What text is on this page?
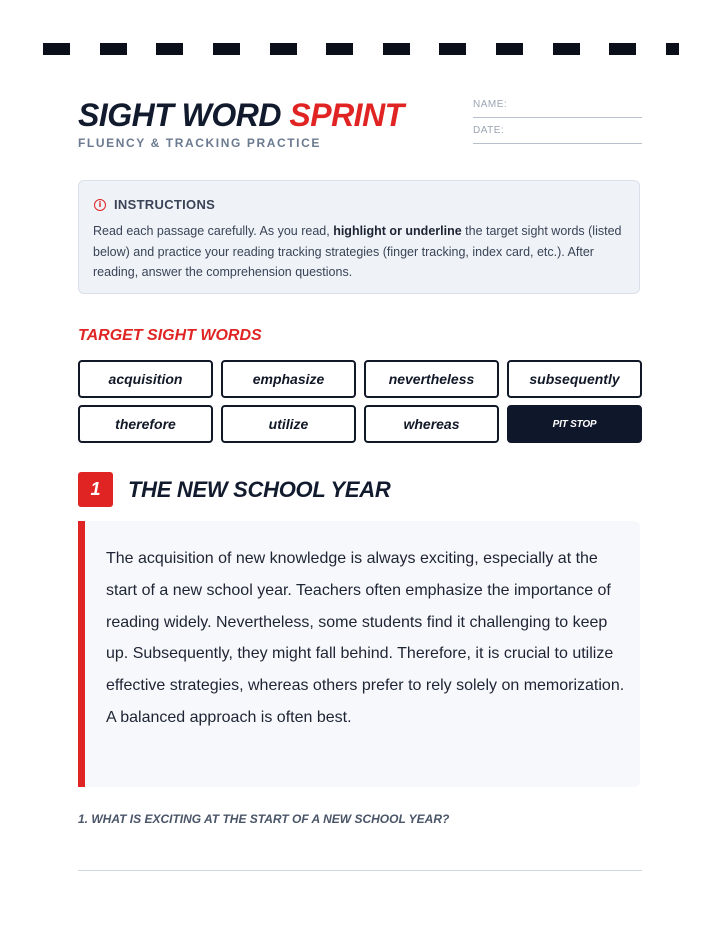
SIGHT WORD SPRINT
FLUENCY & TRACKING PRACTICE
NAME:
DATE:
i INSTRUCTIONS
Read each passage carefully. As you read, highlight or underline the target sight words (listed below) and practice your reading tracking strategies (finger tracking, index card, etc.). After reading, answer the comprehension questions.
TARGET SIGHT WORDS
acquisition	emphasize	nevertheless	subsequently
therefore	utilize	whereas	PIT STOP
1	THE NEW SCHOOL YEAR

The acquisition of new knowledge is always exciting, especially at the start of a new school year. Teachers often emphasize the importance of reading widely. Nevertheless, some students find it challenging to keep up. Subsequently, they might fall behind. Therefore, it is crucial to utilize effective strategies, whereas others prefer to rely solely on memorization. A balanced approach is often best.

1. WHAT IS EXCITING AT THE START OF A NEW SCHOOL YEAR?
